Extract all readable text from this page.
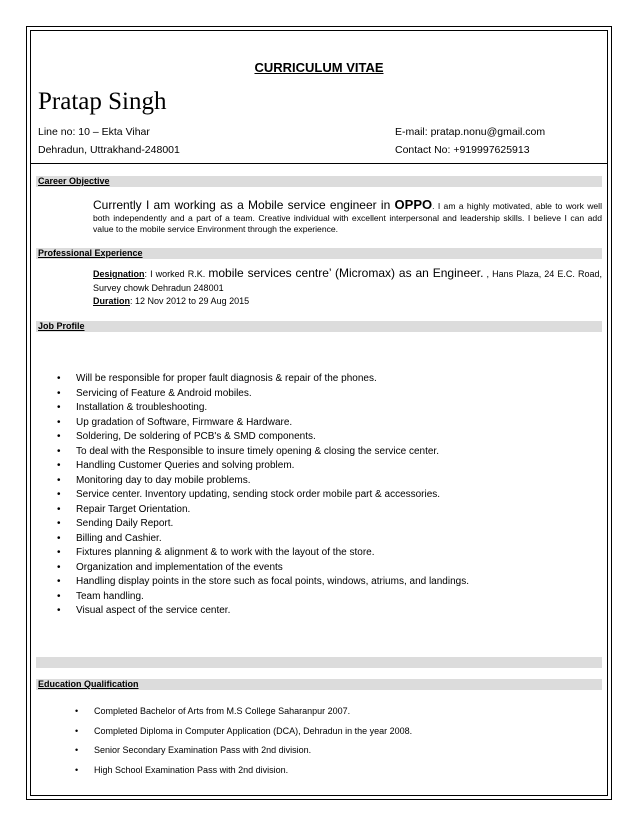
CURRICULUM VITAE
Pratap Singh
Line no: 10 – Ekta Vihar
Dehradun, Uttrakhand-248001
E-mail: pratap.nonu@gmail.com
Contact No: +919997625913
Career Objective
Currently I am working as a Mobile service engineer in OPPO. I am a highly motivated, able to work well both independently and a part of a team. Creative individual with excellent interpersonal and leadership skills. I believe I can add value to the mobile service Environment through the experience.
Professional Experience
Designation: I worked R.K. mobile services centre’ (Micromax) as an Engineer. , Hans Plaza, 24 E.C. Road, Survey chowk Dehradun 248001
Duration: 12 Nov 2012 to 29 Aug 2015
Job Profile
• Will be responsible for proper fault diagnosis & repair of the phones.
• Servicing of Feature & Android mobiles.
• Installation & troubleshooting.
• Up gradation of Software, Firmware & Hardware.
• Soldering, De soldering of PCB's & SMD components.
• To deal with the Responsible to insure timely opening & closing the service center.
• Handling Customer Queries and solving problem.
• Monitoring day to day mobile problems.
• Service center. Inventory updating, sending stock order mobile part & accessories.
• Repair Target Orientation.
• Sending Daily Report.
• Billing and Cashier.
• Fixtures planning & alignment & to work with the layout of the store.
• Organization and implementation of the events
• Handling display points in the store such as focal points, windows, atriums, and landings.
• Team handling.
• Visual aspect of the service center.
Education Qualification
• Completed Bachelor of Arts from M.S College Saharanpur 2007.
• Completed Diploma in Computer Application (DCA), Dehradun in the year 2008.
• Senior Secondary Examination Pass with 2nd division.
• High School Examination Pass with 2nd division.
